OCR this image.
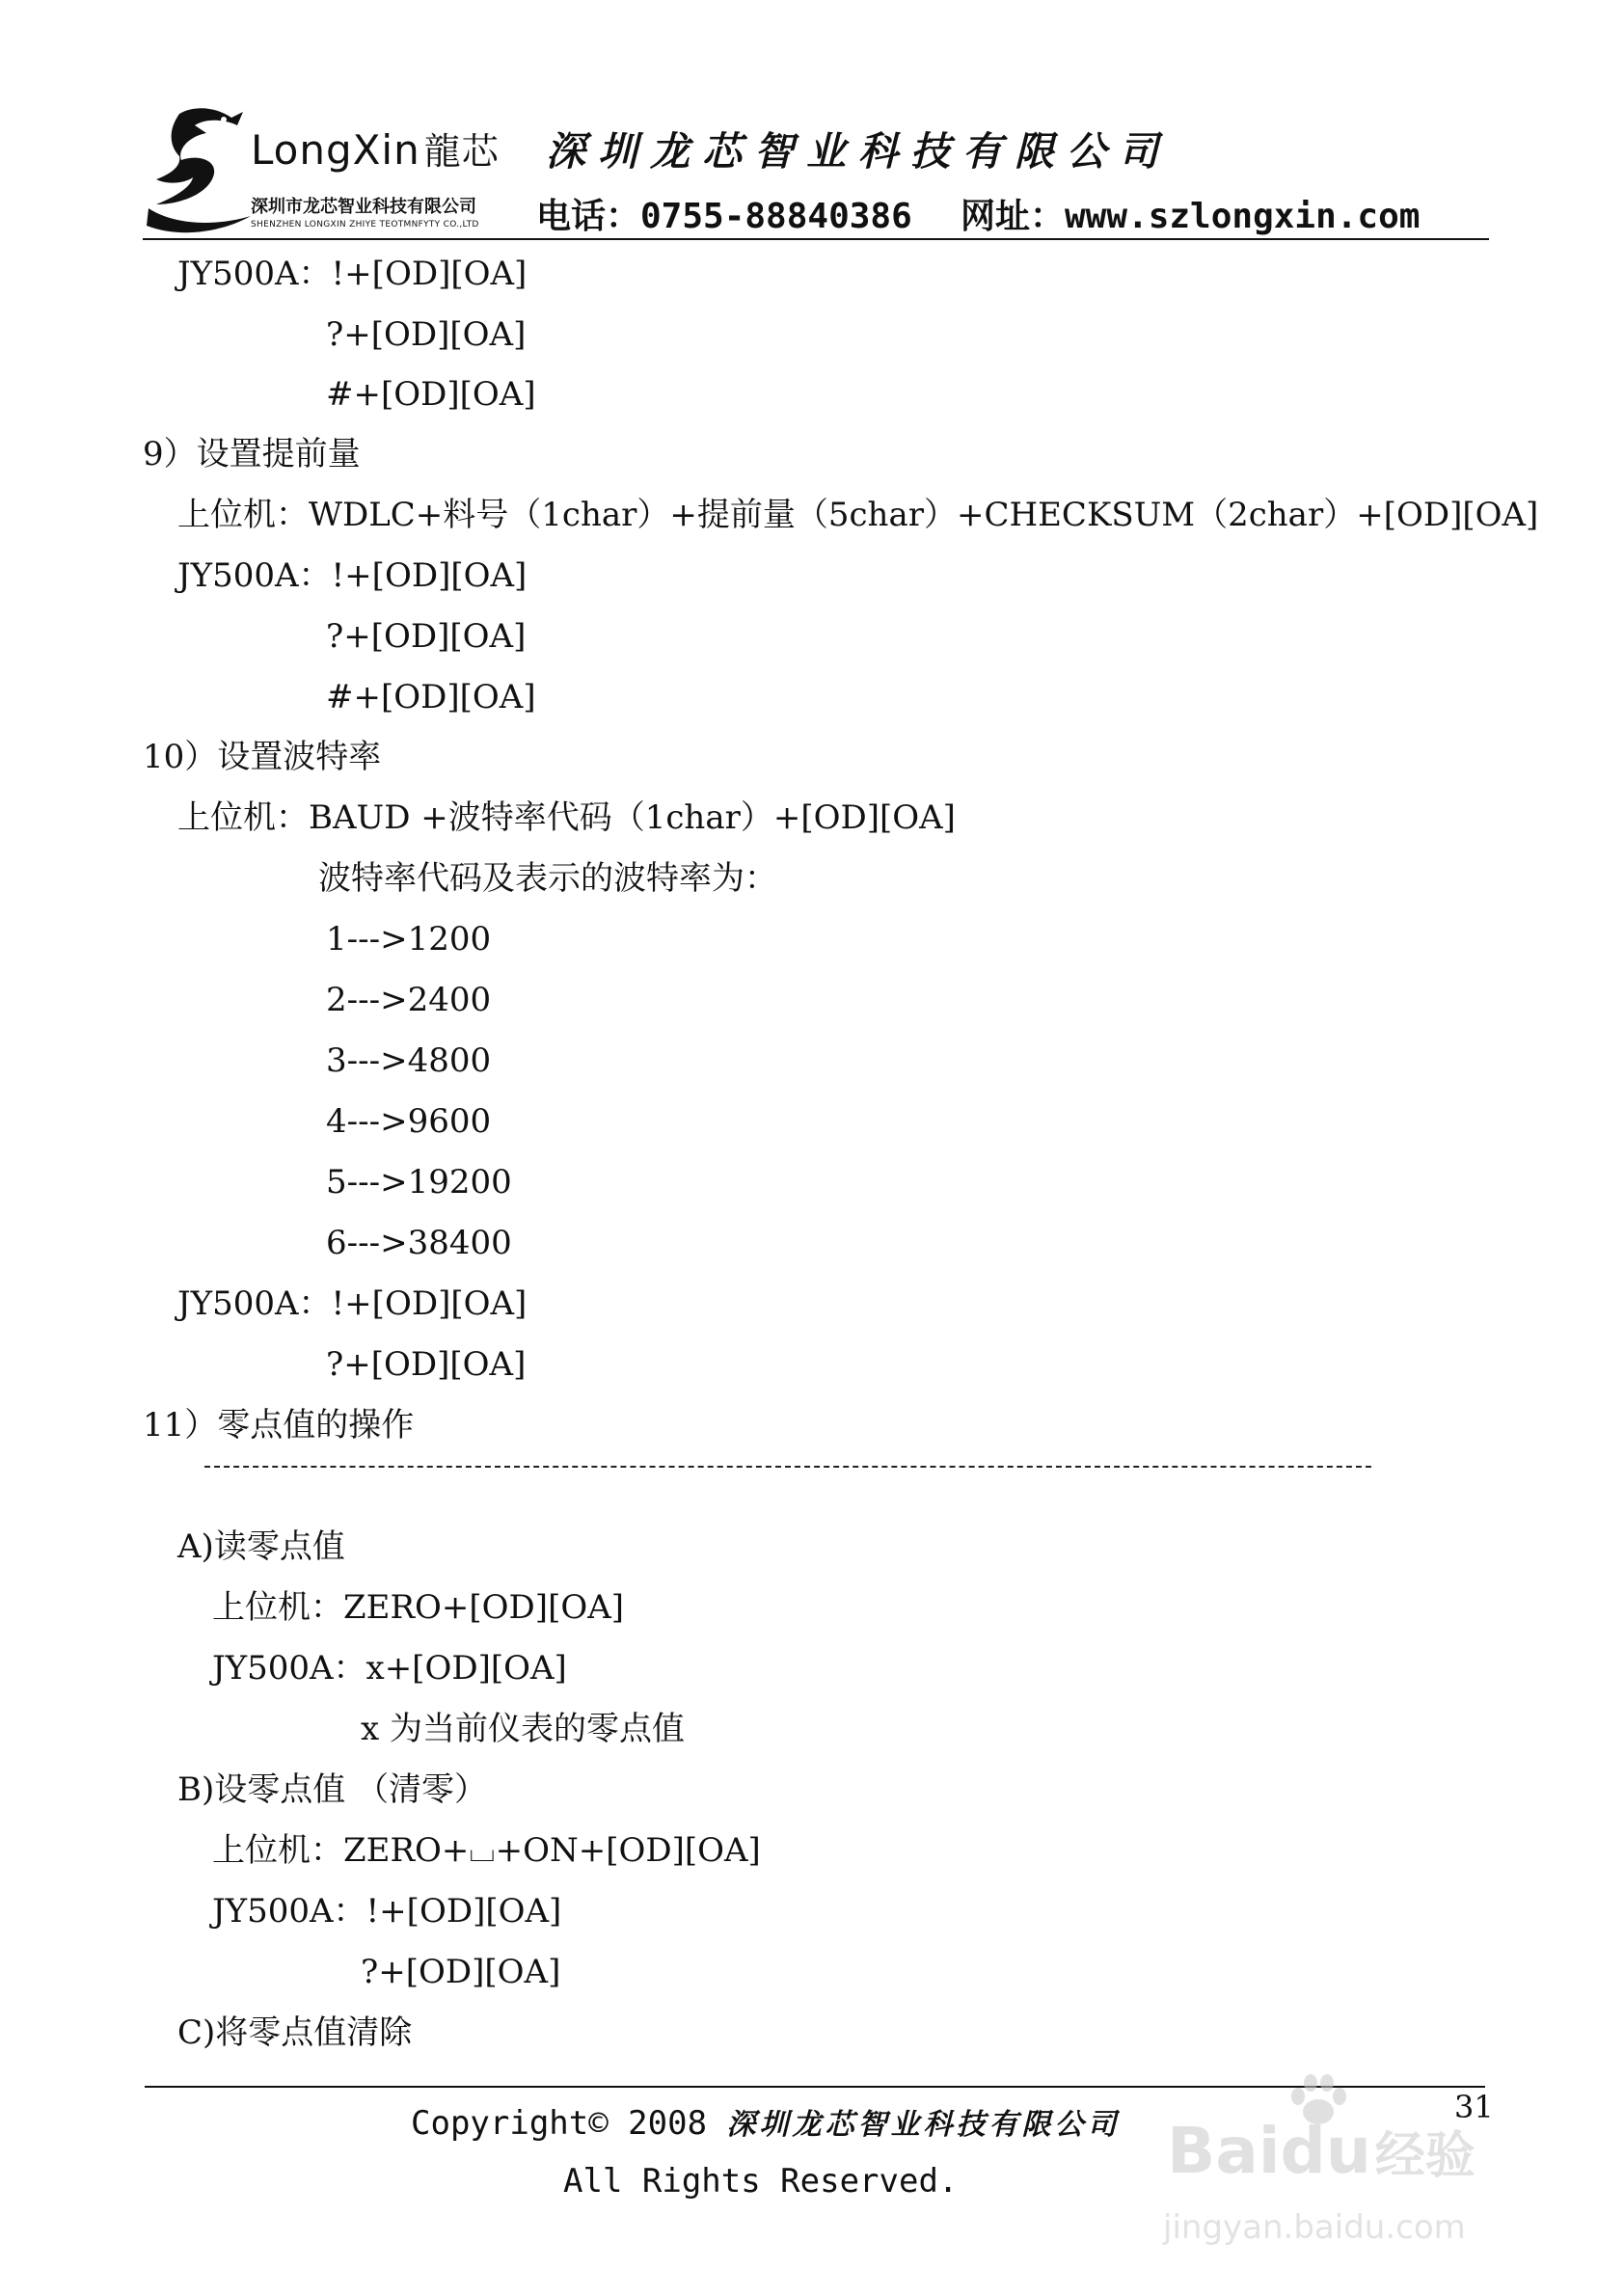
LongXin 龍芯
深圳市龙芯智业科技有限公司
SHENZHEN LONGXIN ZHIYE TEOTMNFYTY CO.,LTD
深圳龙芯智业科技有限公司
电话：0755-88840386 网址：www.szlongxin.com
JY500A：!+[OD][OA]
?+[OD][OA]
#+[OD][OA]
9）设置提前量
上位机：WDLC+料号（1char）+提前量（5char）+CHECKSUM（2char）+[OD][OA]
JY500A：!+[OD][OA]
?+[OD][OA]
#+[OD][OA]
10）设置波特率
上位机：BAUD +波特率代码（1char）+[OD][OA]
波特率代码及表示的波特率为：
1--->1200
2--->2400
3--->4800
4--->9600
5--->19200
6--->38400
JY500A：!+[OD][OA]
?+[OD][OA]
11）零点值的操作
A)读零点值
上位机：ZERO+[OD][OA]
JY500A：x+[OD][OA]
x 为当前仪表的零点值
B)设零点值 （清零）
上位机：ZERO+⌴+ON+[OD][OA]
JY500A：!+[OD][OA]
?+[OD][OA]
C)将零点值清除
31
Copyright© 2008 深圳龙芯智业科技有限公司
All Rights Reserved.	Baidu经验
jingyan.baidu.com
